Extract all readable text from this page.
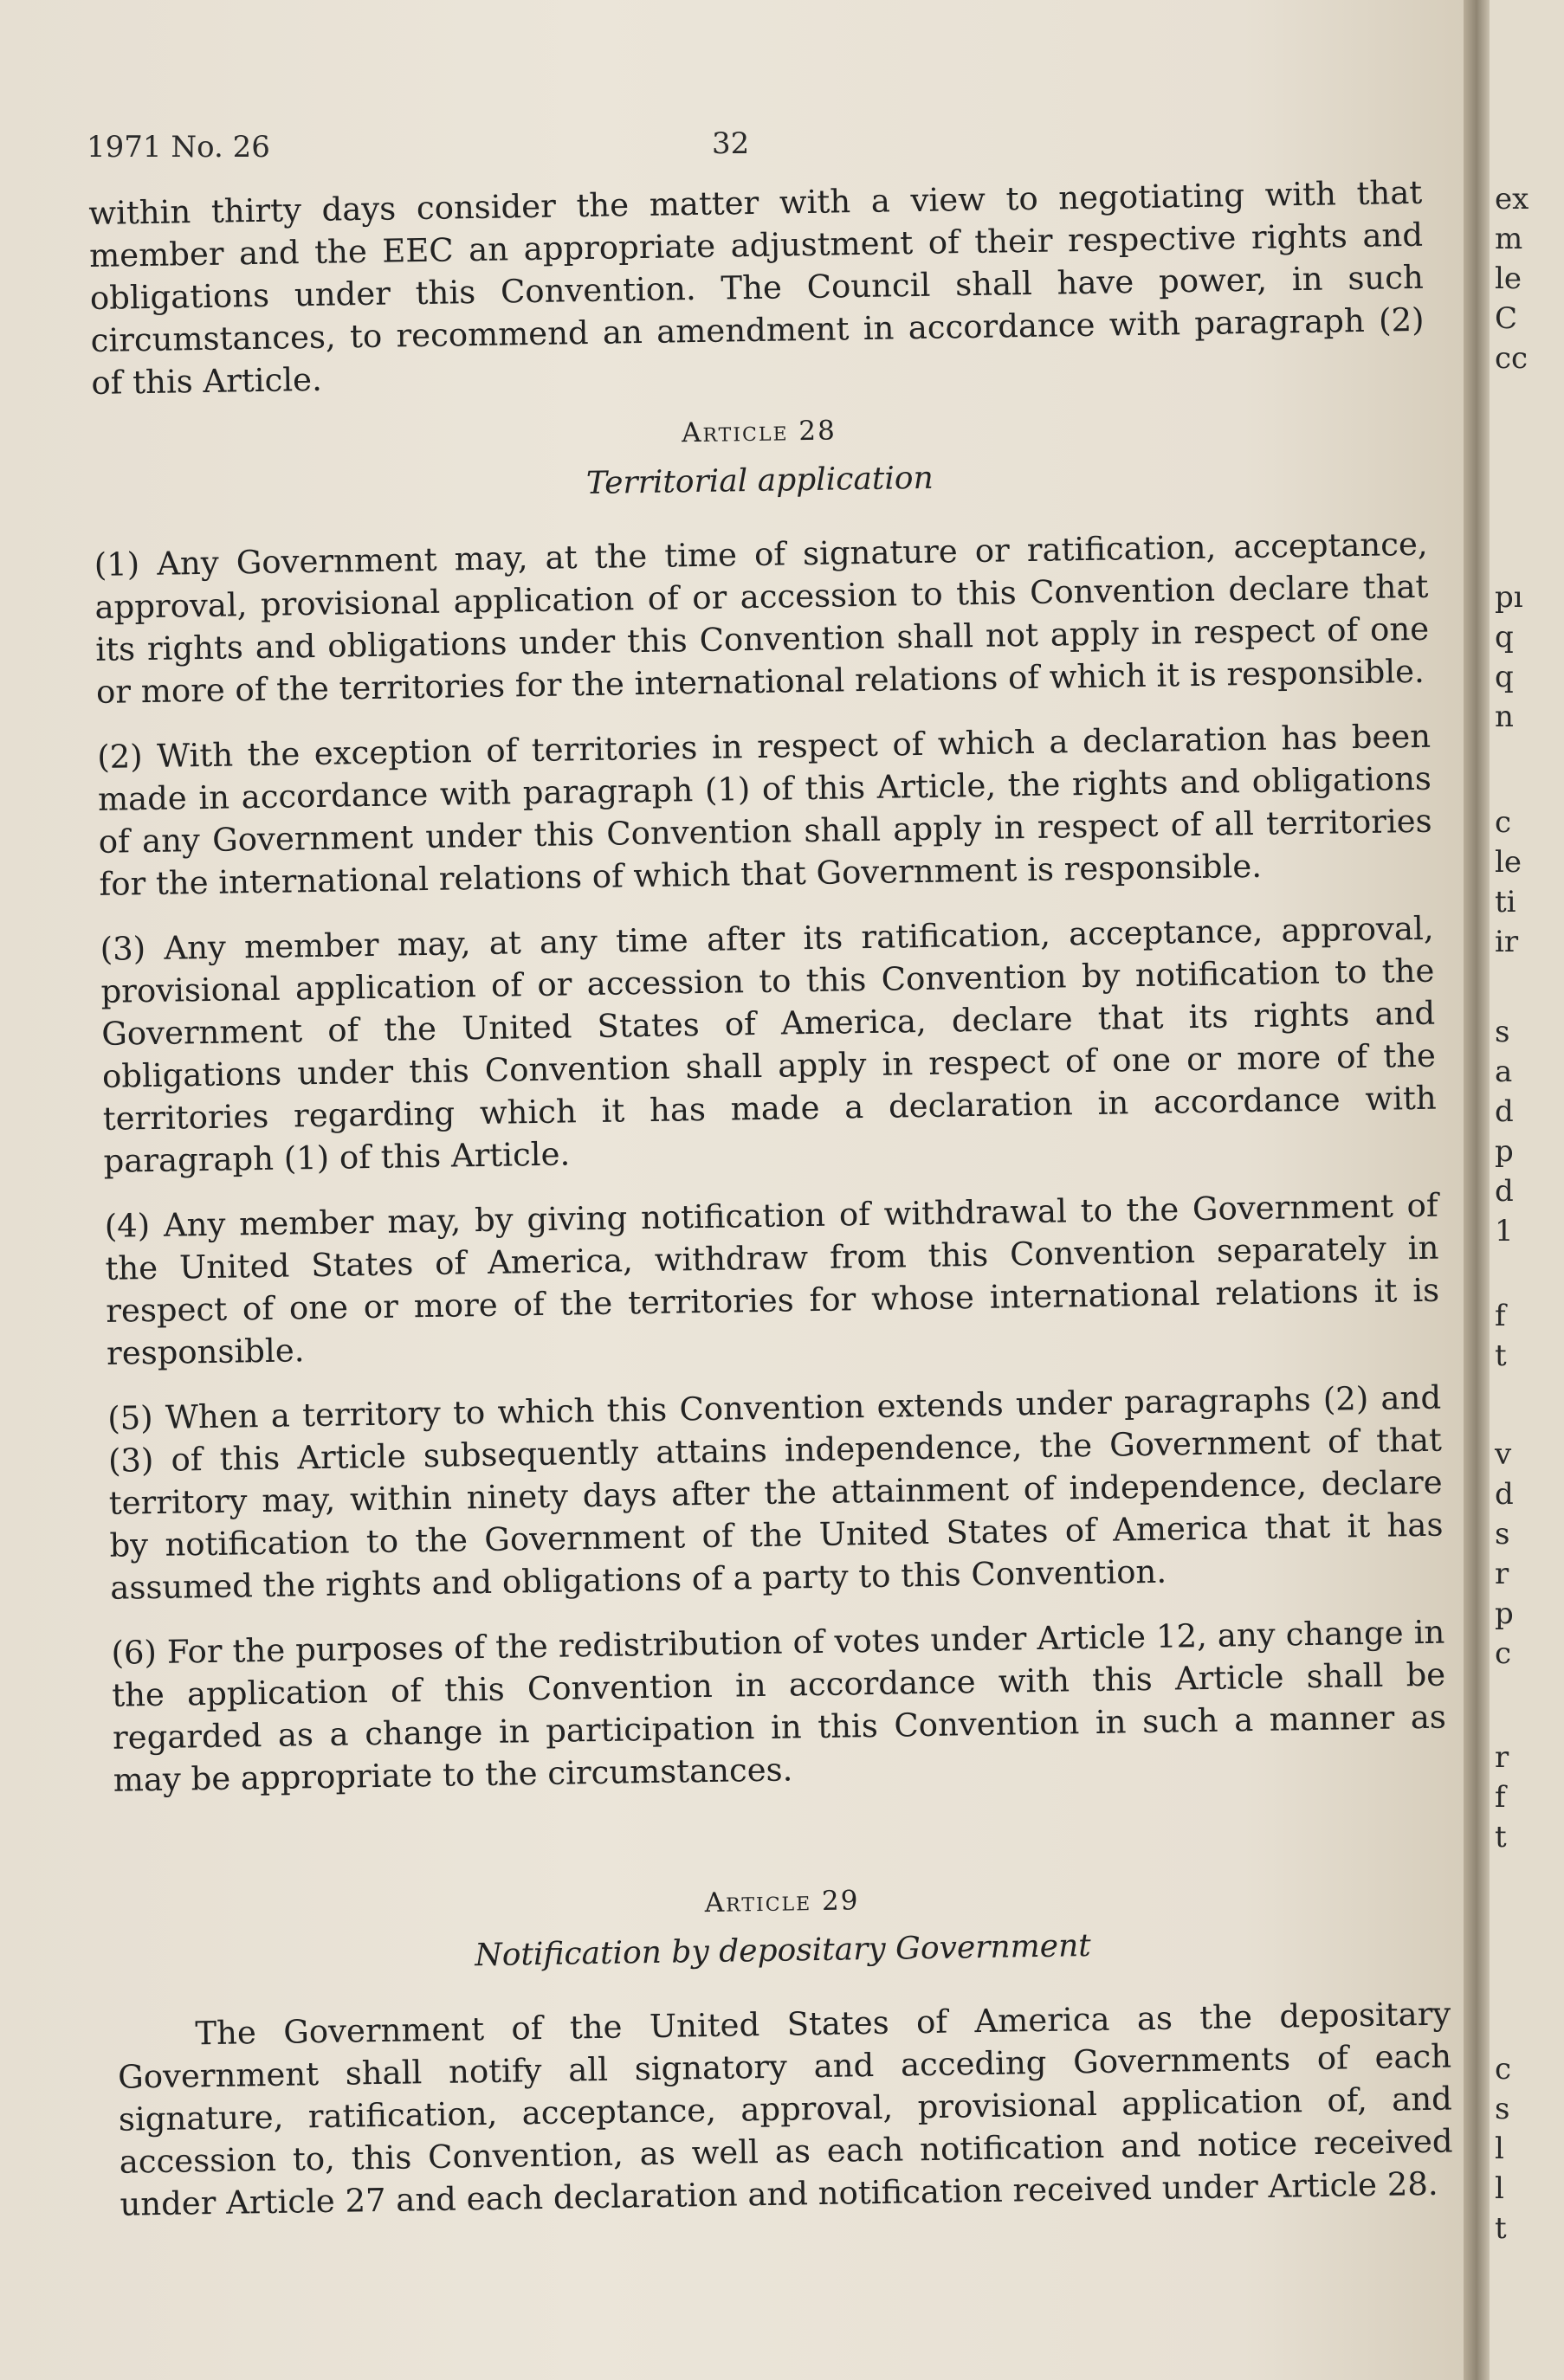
1971 No. 26	32

within thirty days consider the matter with a view to negotiating with that member and the EEC an appropriate adjustment of their respective rights and obligations under this Convention. The Council shall have power, in such circumstances, to recommend an amendment in accordance with paragraph (2) of this Article.

Article 28
Territorial application

(1) Any Government may, at the time of signature or ratification, acceptance, approval, provisional application of or accession to this Convention declare that its rights and obligations under this Convention shall not apply in respect of one or more of the territories for the international relations of which it is responsible.

(2) With the exception of territories in respect of which a declaration has been made in accordance with paragraph (1) of this Article, the rights and obligations of any Government under this Convention shall apply in respect of all territories for the international relations of which that Government is responsible.

(3) Any member may, at any time after its ratification, acceptance, approval, provisional application of or accession to this Convention by notification to the Government of the United States of America, declare that its rights and obligations under this Convention shall apply in respect of one or more of the territories regarding which it has made a declaration in accordance with paragraph (1) of this Article.

(4) Any member may, by giving notification of withdrawal to the Government of the United States of America, withdraw from this Convention separately in respect of one or more of the territories for whose international relations it is responsible.

(5) When a territory to which this Convention extends under paragraphs (2) and (3) of this Article subsequently attains independence, the Government of that territory may, within ninety days after the attainment of independence, declare by notification to the Government of the United States of America that it has assumed the rights and obligations of a party to this Convention.

(6) For the purposes of the redistribution of votes under Article 12, any change in the application of this Convention in accordance with this Article shall be regarded as a change in participation in this Convention in such a manner as may be appropriate to the circumstances.

Article 29
Notification by depositary Government

The Government of the United States of America as the depositary Government shall notify all signatory and acceding Governments of each signature, ratification, acceptance, approval, provisional application of, and accession to, this Convention, as well as each notification and notice received under Article 27 and each declaration and notification received under Article 28.

ex
m
le
C
cc
pı
q
q
n
c
le
ti
ir
s
a
d
p
d
1
f
t
v
d
s
r
p
c
r
f
t
c
s
l
l
t
